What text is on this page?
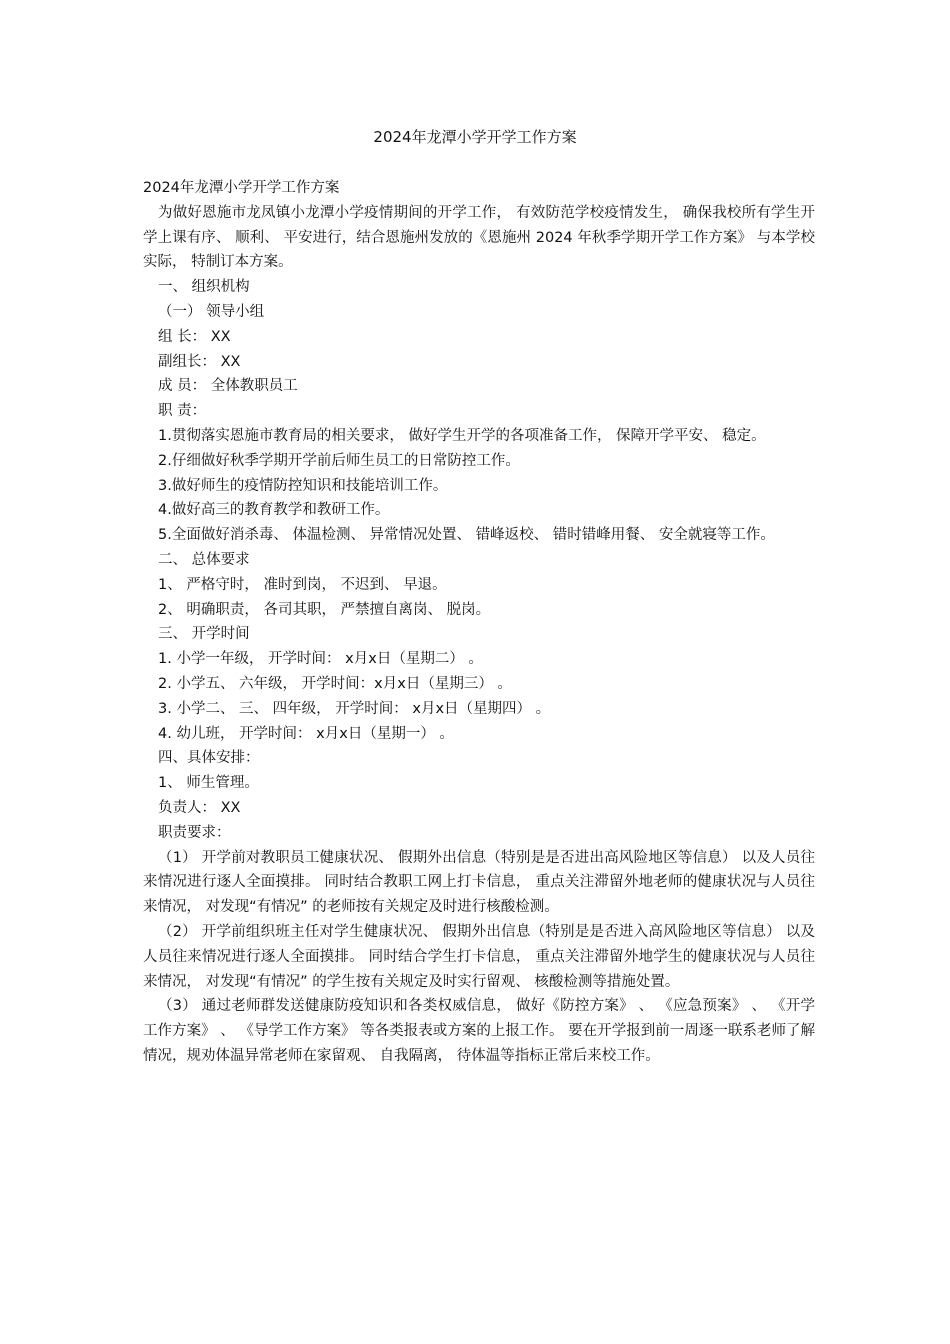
2024年龙潭小学开学工作方案

2024年龙潭小学开学工作方案

为做好恩施市龙凤镇小龙潭小学疫情期间的开学工作， 有效防范学校疫情发生， 确保我校所有学生开学上课有序、 顺利、 平安进行，结合恩施州发放的《恩施州 2024 年秋季学期开学工作方案》 与本学校实际， 特制订本方案。

一、 组织机构

（一） 领导小组

组 长： XX

副组长： XX

成 员： 全体教职员工

职 责：

1.贯彻落实恩施市教育局的相关要求， 做好学生开学的各项准备工作， 保障开学平安、 稳定。

2.仔细做好秋季学期开学前后师生员工的日常防控工作。

3.做好师生的疫情防控知识和技能培训工作。

4.做好高三的教育教学和教研工作。

5.全面做好消杀毒、 体温检测、 异常情况处置、 错峰返校、 错时错峰用餐、 安全就寝等工作。

二、 总体要求

1、 严格守时， 准时到岗， 不迟到、 早退。

2、 明确职责， 各司其职， 严禁擅自离岗、 脱岗。

三、 开学时间

1. 小学一年级， 开学时间： x月x日（星期二） 。

2. 小学五、 六年级， 开学时间：x月x日（星期三） 。

3. 小学二、 三、 四年级， 开学时间： x月x日（星期四） 。

4. 幼儿班， 开学时间： x月x日（星期一） 。

四、具体安排：

1、 师生管理。

负责人： XX

职责要求：

（1） 开学前对教职员工健康状况、 假期外出信息（特别是是否进出高风险地区等信息） 以及人员往来情况进行逐人全面摸排。 同时结合教职工网上打卡信息， 重点关注滞留外地老师的健康状况与人员往来情况， 对发现“有情况” 的老师按有关规定及时进行核酸检测。

（2） 开学前组织班主任对学生健康状况、 假期外出信息（特别是是否进入高风险地区等信息） 以及人员往来情况进行逐人全面摸排。 同时结合学生打卡信息， 重点关注滞留外地学生的健康状况与人员往来情况， 对发现“有情况” 的学生按有关规定及时实行留观、 核酸检测等措施处置。

（3） 通过老师群发送健康防疫知识和各类权威信息， 做好《防控方案》 、 《应急预案》 、 《开学工作方案》 、 《导学工作方案》 等各类报表或方案的上报工作。 要在开学报到前一周逐一联系老师了解情况，规劝体温异常老师在家留观、 自我隔离， 待体温等指标正常后来校工作。
